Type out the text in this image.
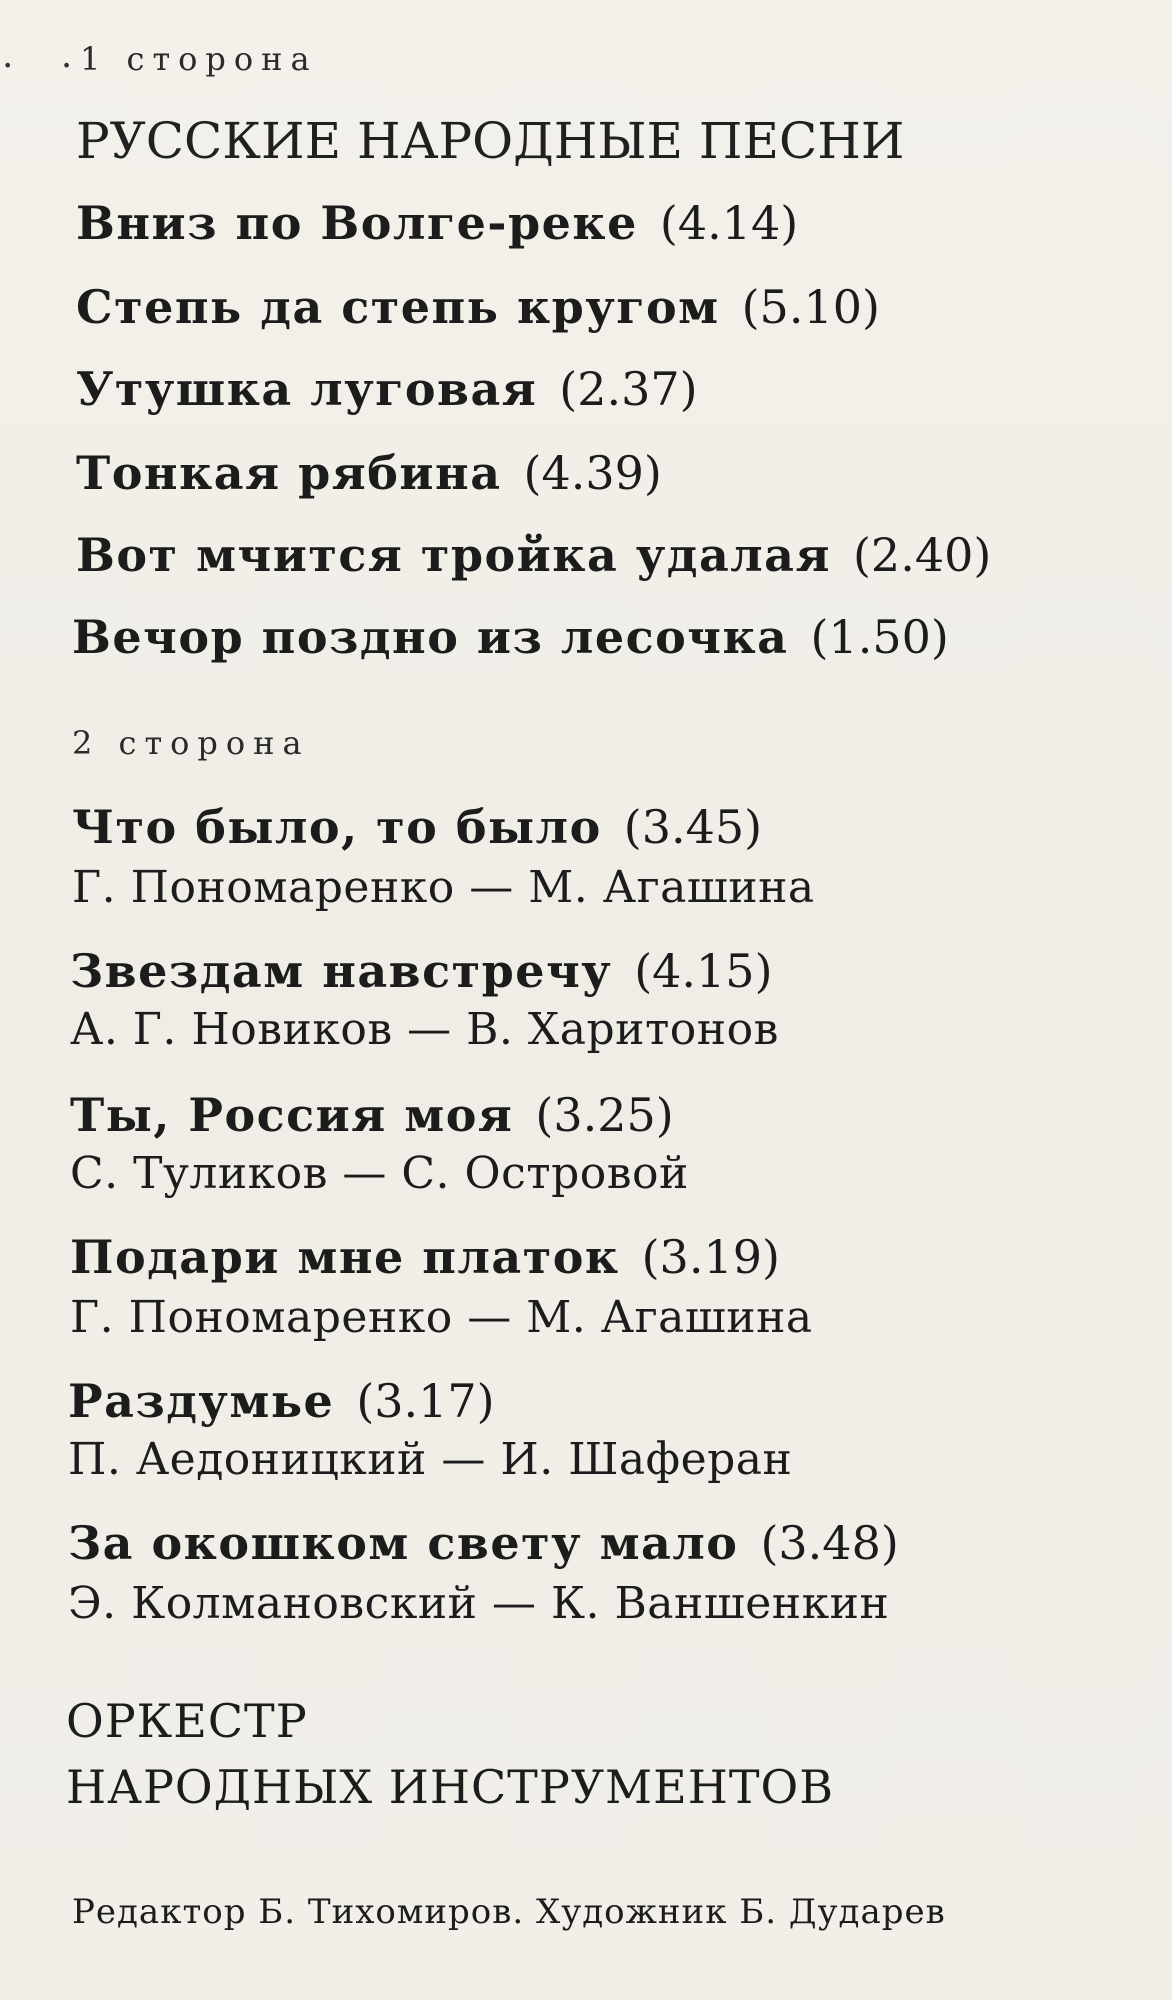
· ·
1 сторона
РУССКИЕ НАРОДНЫЕ ПЕСНИ
Вниз по Волге-реке (4.14)
Степь да степь кругом (5.10)
Утушка луговая (2.37)
Тонкая рябина (4.39)
Вот мчится тройка удалая (2.40)
Вечор поздно из лесочка (1.50)
2 сторона
Что было, то было (3.45)
Г. Пономаренко — М. Агашина
Звездам навстречу (4.15)
А. Г. Новиков — В. Харитонов
Ты, Россия моя (3.25)
С. Туликов — С. Островой
Подари мне платок (3.19)
Г. Пономаренко — М. Агашина
Раздумье (3.17)
П. Аедоницкий — И. Шаферан
За окошком свету мало (3.48)
Э. Колмановский — К. Ваншенкин
ОРКЕСТР
НАРОДНЫХ ИНСТРУМЕНТОВ
Редактор Б. Тихомиров. Художник Б. Дударев
